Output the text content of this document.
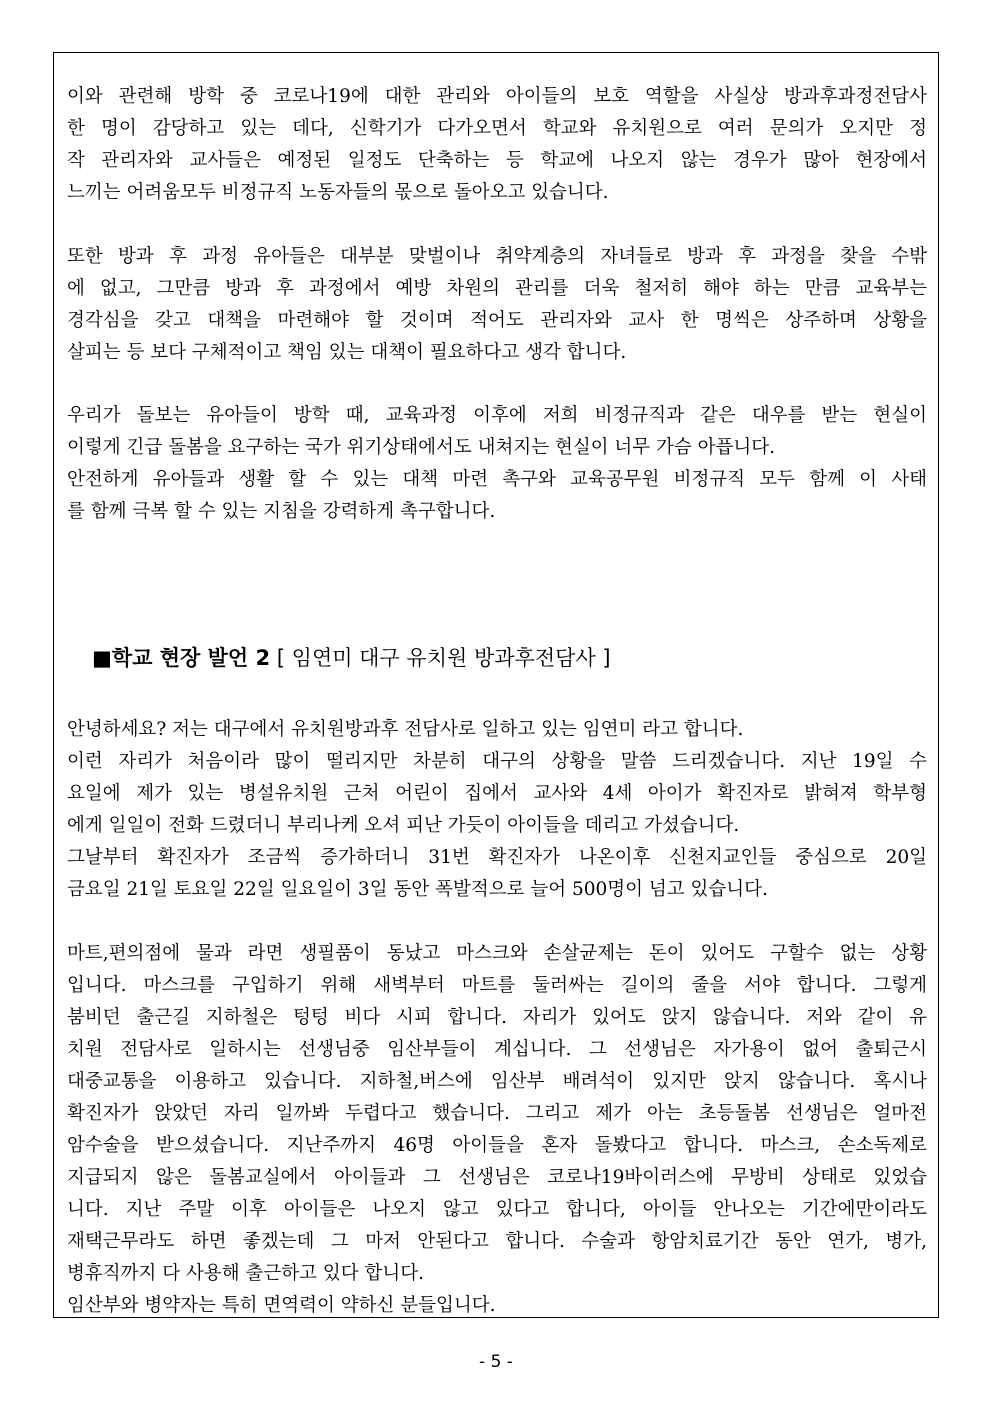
이와 관련해 방학 중 코로나19에 대한 관리와 아이들의 보호 역할을 사실상 방과후과정전담사
한 명이 감당하고 있는 데다, 신학기가 다가오면서 학교와 유치원으로 여러 문의가 오지만 정
작 관리자와 교사들은 예정된 일정도 단축하는 등 학교에 나오지 않는 경우가 많아 현장에서
느끼는 어려움모두 비정규직 노동자들의 몫으로 돌아오고 있습니다.
또한 방과 후 과정 유아들은 대부분 맞벌이나 취약계층의 자녀들로 방과 후 과정을 찾을 수밖
에 없고, 그만큼 방과 후 과정에서 예방 차원의 관리를 더욱 철저히 해야 하는 만큼 교육부는
경각심을 갖고 대책을 마련해야 할 것이며 적어도 관리자와 교사 한 명씩은 상주하며 상황을
살피는 등 보다 구체적이고 책임 있는 대책이 필요하다고 생각 합니다.
우리가 돌보는 유아들이 방학 때, 교육과정 이후에 저희 비정규직과 같은 대우를 받는 현실이
이렇게 긴급 돌봄을 요구하는 국가 위기상태에서도 내쳐지는 현실이 너무 가슴 아픕니다.
안전하게 유아들과 생활 할 수 있는 대책 마련 촉구와 교육공무원 비정규직 모두 함께 이 사태
를 함께 극복 할 수 있는 지침을 강력하게 촉구합니다.
■학교 현장 발언 2 [ 임연미 대구 유치원 방과후전담사 ]
안녕하세요? 저는 대구에서 유치원방과후 전담사로 일하고 있는 임연미 라고 합니다.
이런 자리가 처음이라 많이 떨리지만 차분히 대구의 상황을 말씀 드리겠습니다. 지난 19일 수
요일에 제가 있는 병설유치원 근처 어린이 집에서 교사와 4세 아이가 확진자로 밝혀져 학부형
에게 일일이 전화 드렸더니 부리나케 오셔 피난 가듯이 아이들을 데리고 가셨습니다.
그날부터 확진자가 조금씩 증가하더니 31번 확진자가 나온이후 신천지교인들 중심으로 20일
금요일 21일 토요일 22일 일요일이 3일 동안 폭발적으로 늘어 500명이 넘고 있습니다.
마트,편의점에 물과 라면 생필품이 동났고 마스크와 손살균제는 돈이 있어도 구할수 없는 상황
입니다. 마스크를 구입하기 위해 새벽부터 마트를 둘러싸는 길이의 줄을 서야 합니다. 그렇게
붐비던 출근길 지하철은 텅텅 비다 시피 합니다. 자리가 있어도 앉지 않습니다. 저와 같이 유
치원 전담사로 일하시는 선생님중 임산부들이 계십니다. 그 선생님은 자가용이 없어 출퇴근시
대중교통을 이용하고 있습니다. 지하철,버스에 임산부 배려석이 있지만 앉지 않습니다. 혹시나
확진자가 앉았던 자리 일까봐 두렵다고 했습니다. 그리고 제가 아는 초등돌봄 선생님은 얼마전
암수술을 받으셨습니다. 지난주까지 46명 아이들을 혼자 돌봤다고 합니다. 마스크, 손소독제로
지급되지 않은 돌봄교실에서 아이들과 그 선생님은 코로나19바이러스에 무방비 상태로 있었습
니다. 지난 주말 이후 아이들은 나오지 않고 있다고 합니다, 아이들 안나오는 기간에만이라도
재택근무라도 하면 좋겠는데 그 마저 안된다고 합니다. 수술과 항암치료기간 동안 연가, 병가,
병휴직까지 다 사용해 출근하고 있다 합니다.
임산부와 병약자는 특히 면역력이 약하신 분들입니다.
- 5 -
